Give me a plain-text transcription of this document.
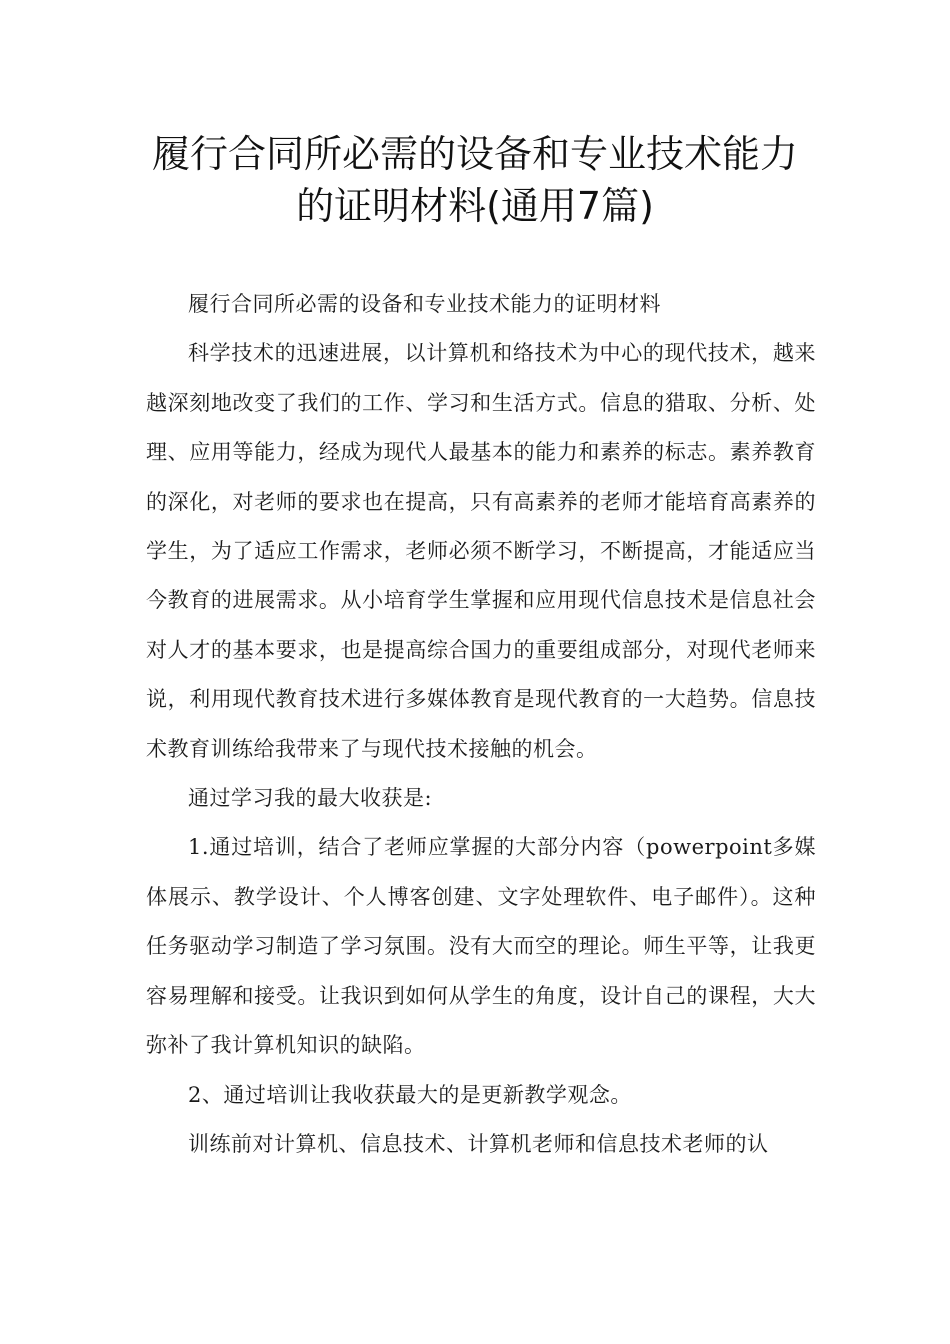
履行合同所必需的设备和专业技术能力
的证明材料(通用7篇)

履行合同所必需的设备和专业技术能力的证明材料

科学技术的迅速进展，以计算机和络技术为中心的现代技术，越来越深刻地改变了我们的工作、学习和生活方式。信息的猎取、分析、处理、应用等能力，经成为现代人最基本的能力和素养的标志。素养教育的深化，对老师的要求也在提高，只有高素养的老师才能培育高素养的学生，为了适应工作需求，老师必须不断学习，不断提高，才能适应当今教育的进展需求。从小培育学生掌握和应用现代信息技术是信息社会对人才的基本要求，也是提高综合国力的重要组成部分，对现代老师来说，利用现代教育技术进行多媒体教育是现代教育的一大趋势。信息技术教育训练给我带来了与现代技术接触的机会。

通过学习我的最大收获是:

1.通过培训，结合了老师应掌握的大部分内容（powerpoint多媒体展示、教学设计、个人博客创建、文字处理软件、电子邮件）。这种任务驱动学习制造了学习氛围。没有大而空的理论。师生平等，让我更容易理解和接受。让我识到如何从学生的角度，设计自己的课程，大大弥补了我计算机知识的缺陷。

2、通过培训让我收获最大的是更新教学观念。

训练前对计算机、信息技术、计算机老师和信息技术老师的认
